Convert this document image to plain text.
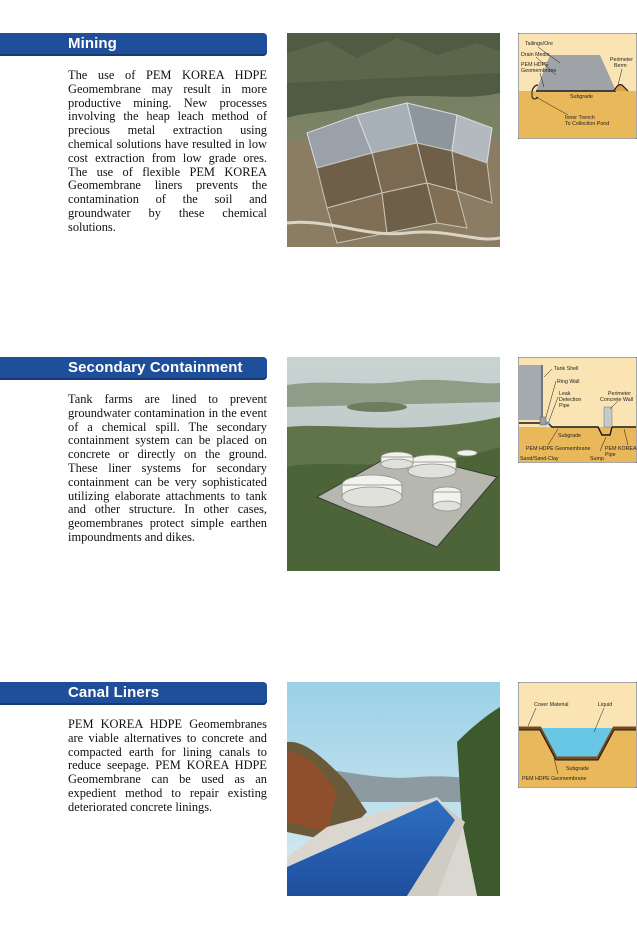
Mining
The use of PEM KOREA HDPE Geomembrane may result in more productive mining. New processes involving the heap leach method of precious metal extraction using chemical solutions have resulted in low cost extraction from low grade ores. The use of flexible PEM KOREA Geomembrane liners prevents the contamination of the soil and groundwater by these chemical solutions.
Tailings/Ore
Drain Media
PEM HDPE
Geomembrane
Perimeter
Berm
Subgrade
Inner Trench
To Collection Pond
Secondary Containment
Tank farms are lined to prevent groundwater contamination in the event of a chemical spill. The secondary containment system can be placed on concrete or directly on the ground. These liner systems for secondary containment can be very sophisticated utilizing elaborate attachments to tank and other structure. In other cases, geomembranes protect simple earthen impoundments and dikes.
Tank Shell
Ring Wall
Leak
Detection
Pipe
Perimeter
Concrete Wall
Subgrade
PEM HDPE Geomembrane
Sand/Sand-Clay	Sump
PEM KOREA
Pipe
Canal Liners
PEM KOREA HDPE Geomembranes are viable alternatives to concrete and compacted earth for lining canals to reduce seepage. PEM KOREA HDPE Geomembrane can be used as an expedient method to repair existing deteriorated concrete linings.
Cover Material	Liquid
Subgrade
PEM HDPE Geomembrane
